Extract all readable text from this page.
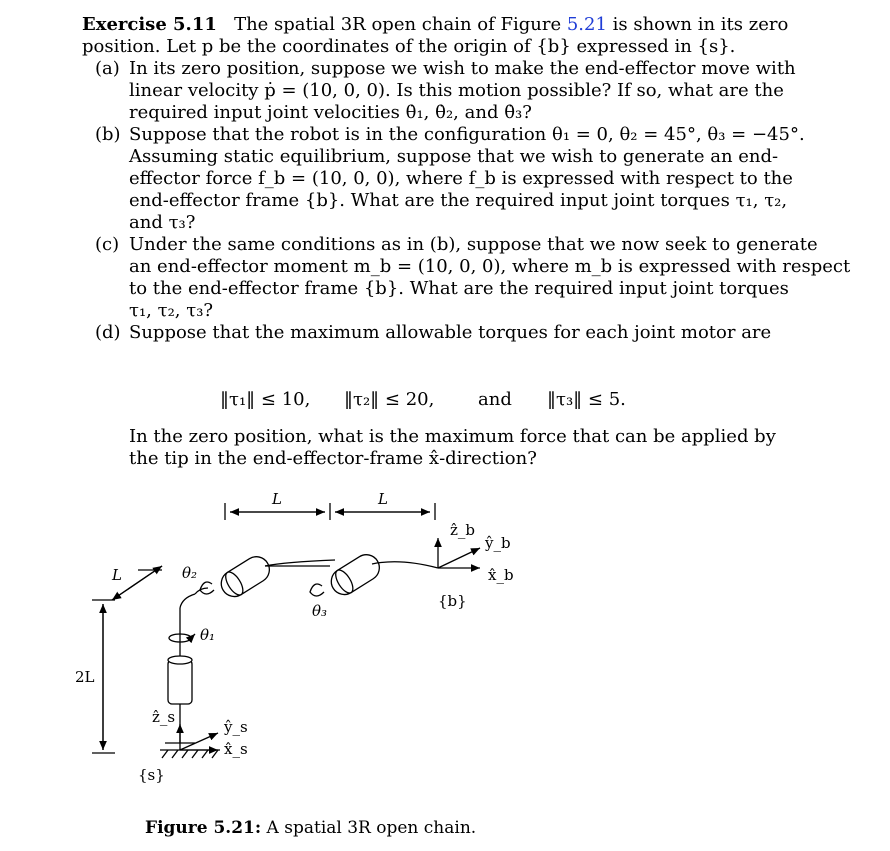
Exercise 5.11 The spatial 3R open chain of Figure 5.21 is shown in its zero
position. Let p be the coordinates of the origin of {b} expressed in {s}.
(a) In its zero position, suppose we wish to make the end-effector move with
linear velocity ṗ = (10, 0, 0). Is this motion possible? If so, what are the
required input joint velocities θ̇₁, θ̇₂, and θ̇₃?
(b) Suppose that the robot is in the configuration θ₁ = 0, θ₂ = 45°, θ₃ = −45°.
Assuming static equilibrium, suppose that we wish to generate an end-
effector force f_b = (10, 0, 0), where f_b is expressed with respect to the
end-effector frame {b}. What are the required input joint torques τ₁, τ₂,
and τ₃?
(c) Under the same conditions as in (b), suppose that we now seek to generate
an end-effector moment m_b = (10, 0, 0), where m_b is expressed with respect
to the end-effector frame {b}. What are the required input joint torques
τ₁, τ₂, τ₃?
(d) Suppose that the maximum allowable torques for each joint motor are
‖τ₁‖ ≤ 10, ‖τ₂‖ ≤ 20, and ‖τ₃‖ ≤ 5.
In the zero position, what is the maximum force that can be applied by
the tip in the end-effector-frame x̂-direction?
L	L
2L
L
θ₁
θ₂
θ₃
ẑ_b
ŷ_b
x̂_b
{b}
ẑ_s
ŷ_s
x̂_s
{s}
Figure 5.21: A spatial 3R open chain.
